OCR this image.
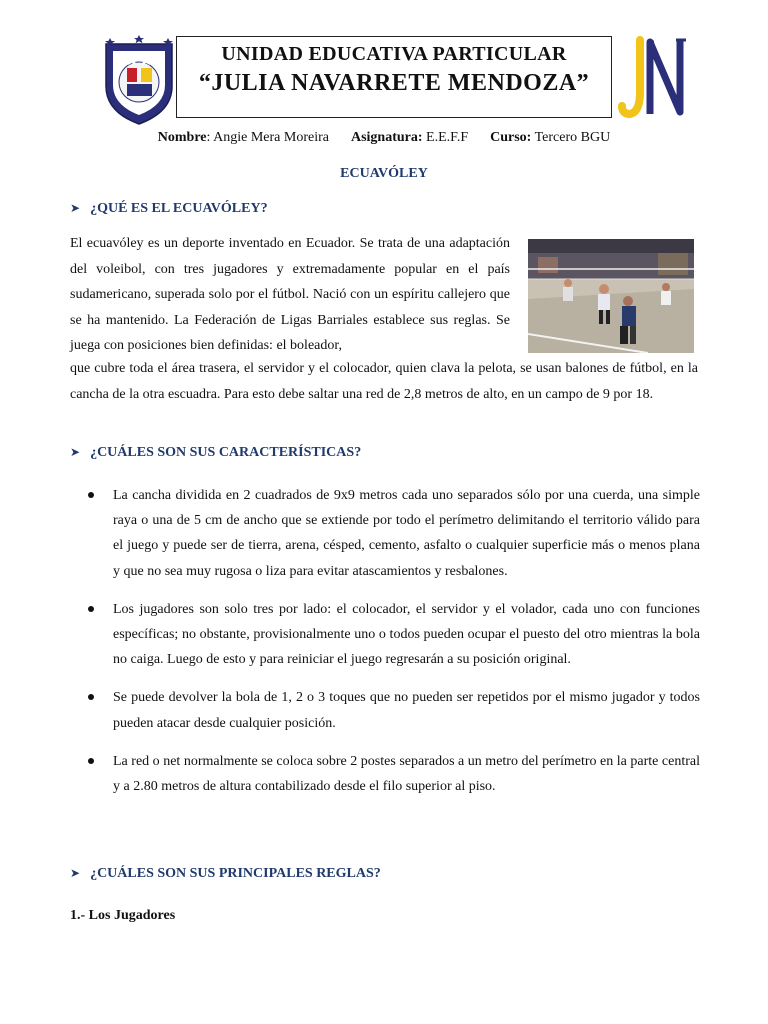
UNIDAD EDUCATIVA PARTICULAR
“JULIA NAVARRETE MENDOZA”
Nombre: Angie Mera Moreira Asignatura: E.E.F.F Curso: Tercero BGU
ECUAVÓLEY
➤ ¿QUÉ ES EL ECUAVÓLEY?
El ecuavóley es un deporte inventado en Ecuador. Se trata de una adaptación del voleibol, con tres jugadores y extremadamente popular en el país sudamericano, superada solo por el fútbol. Nació con un espíritu callejero que se ha mantenido. La Federación de Ligas Barriales establece sus reglas. Se juega con posiciones bien definidas: el boleador,
que cubre toda el área trasera, el servidor y el colocador, quien clava la pelota, se usan balones de fútbol, en la cancha de la otra escuadra. Para esto debe saltar una red de 2,8 metros de alto, en un campo de 9 por 18.
➤ ¿CUÁLES SON SUS CARACTERÍSTICAS?
La cancha dividida en 2 cuadrados de 9x9 metros cada uno separados sólo por una cuerda, una simple raya o una de 5 cm de ancho que se extiende por todo el perímetro delimitando el territorio válido para el juego y puede ser de tierra, arena, césped, cemento, asfalto o cualquier superficie más o menos plana y que no sea muy rugosa o liza para evitar atascamientos y resbalones.
Los jugadores son solo tres por lado: el colocador, el servidor y el volador, cada uno con funciones específicas; no obstante, provisionalmente uno o todos pueden ocupar el puesto del otro mientras la bola no caiga. Luego de esto y para reiniciar el juego regresarán a su posición original.
Se puede devolver la bola de 1, 2 o 3 toques que no pueden ser repetidos por el mismo jugador y todos pueden atacar desde cualquier posición.
La red o net normalmente se coloca sobre 2 postes separados a un metro del perímetro en la parte central y a 2.80 metros de altura contabilizado desde el filo superior al piso.
➤ ¿CUÁLES SON SUS PRINCIPALES REGLAS?
1.- Los Jugadores
